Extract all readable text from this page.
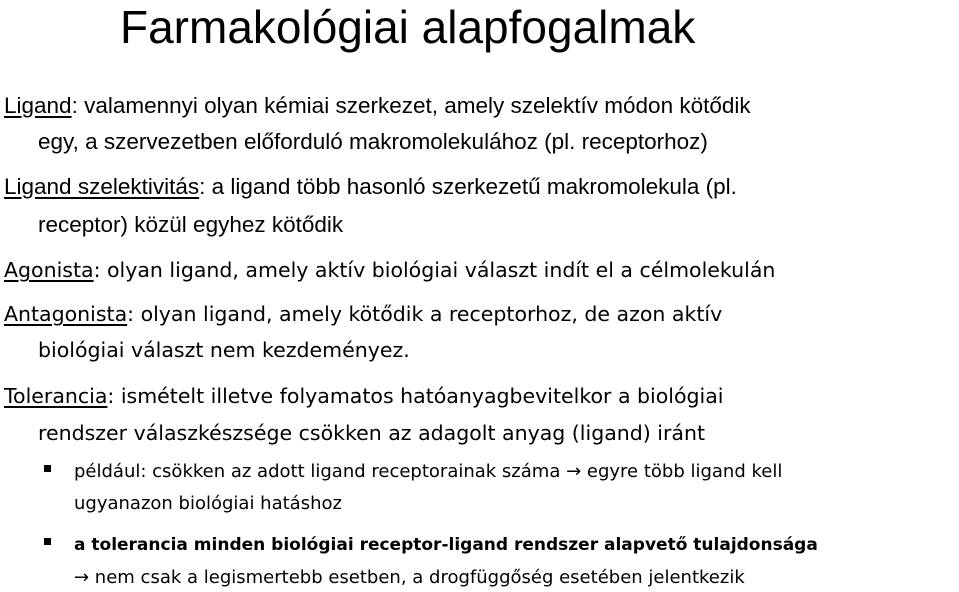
Farmakológiai alapfogalmak

Ligand: valamennyi olyan kémiai szerkezet, amely szelektív módon kötődik

egy, a szervezetben előforduló makromolekulához (pl. receptorhoz)

Ligand szelektivitás: a ligand több hasonló szerkezetű makromolekula (pl.

receptor) közül egyhez kötődik

Agonista: olyan ligand, amely aktív biológiai választ indít el a célmolekulán

Antagonista: olyan ligand, amely kötődik a receptorhoz, de azon aktív

biológiai választ nem kezdeményez.

Tolerancia: ismételt illetve folyamatos hatóanyagbevitelkor a biológiai

rendszer válaszkészsége csökken az adagolt anyag (ligand) iránt

például: csökken az adott ligand receptorainak száma → egyre több ligand kell

ugyanazon biológiai hatáshoz

a tolerancia minden biológiai receptor-ligand rendszer alapvető tulajdonsága

→ nem csak a legismertebb esetben, a drogfüggőség esetében jelentkezik
